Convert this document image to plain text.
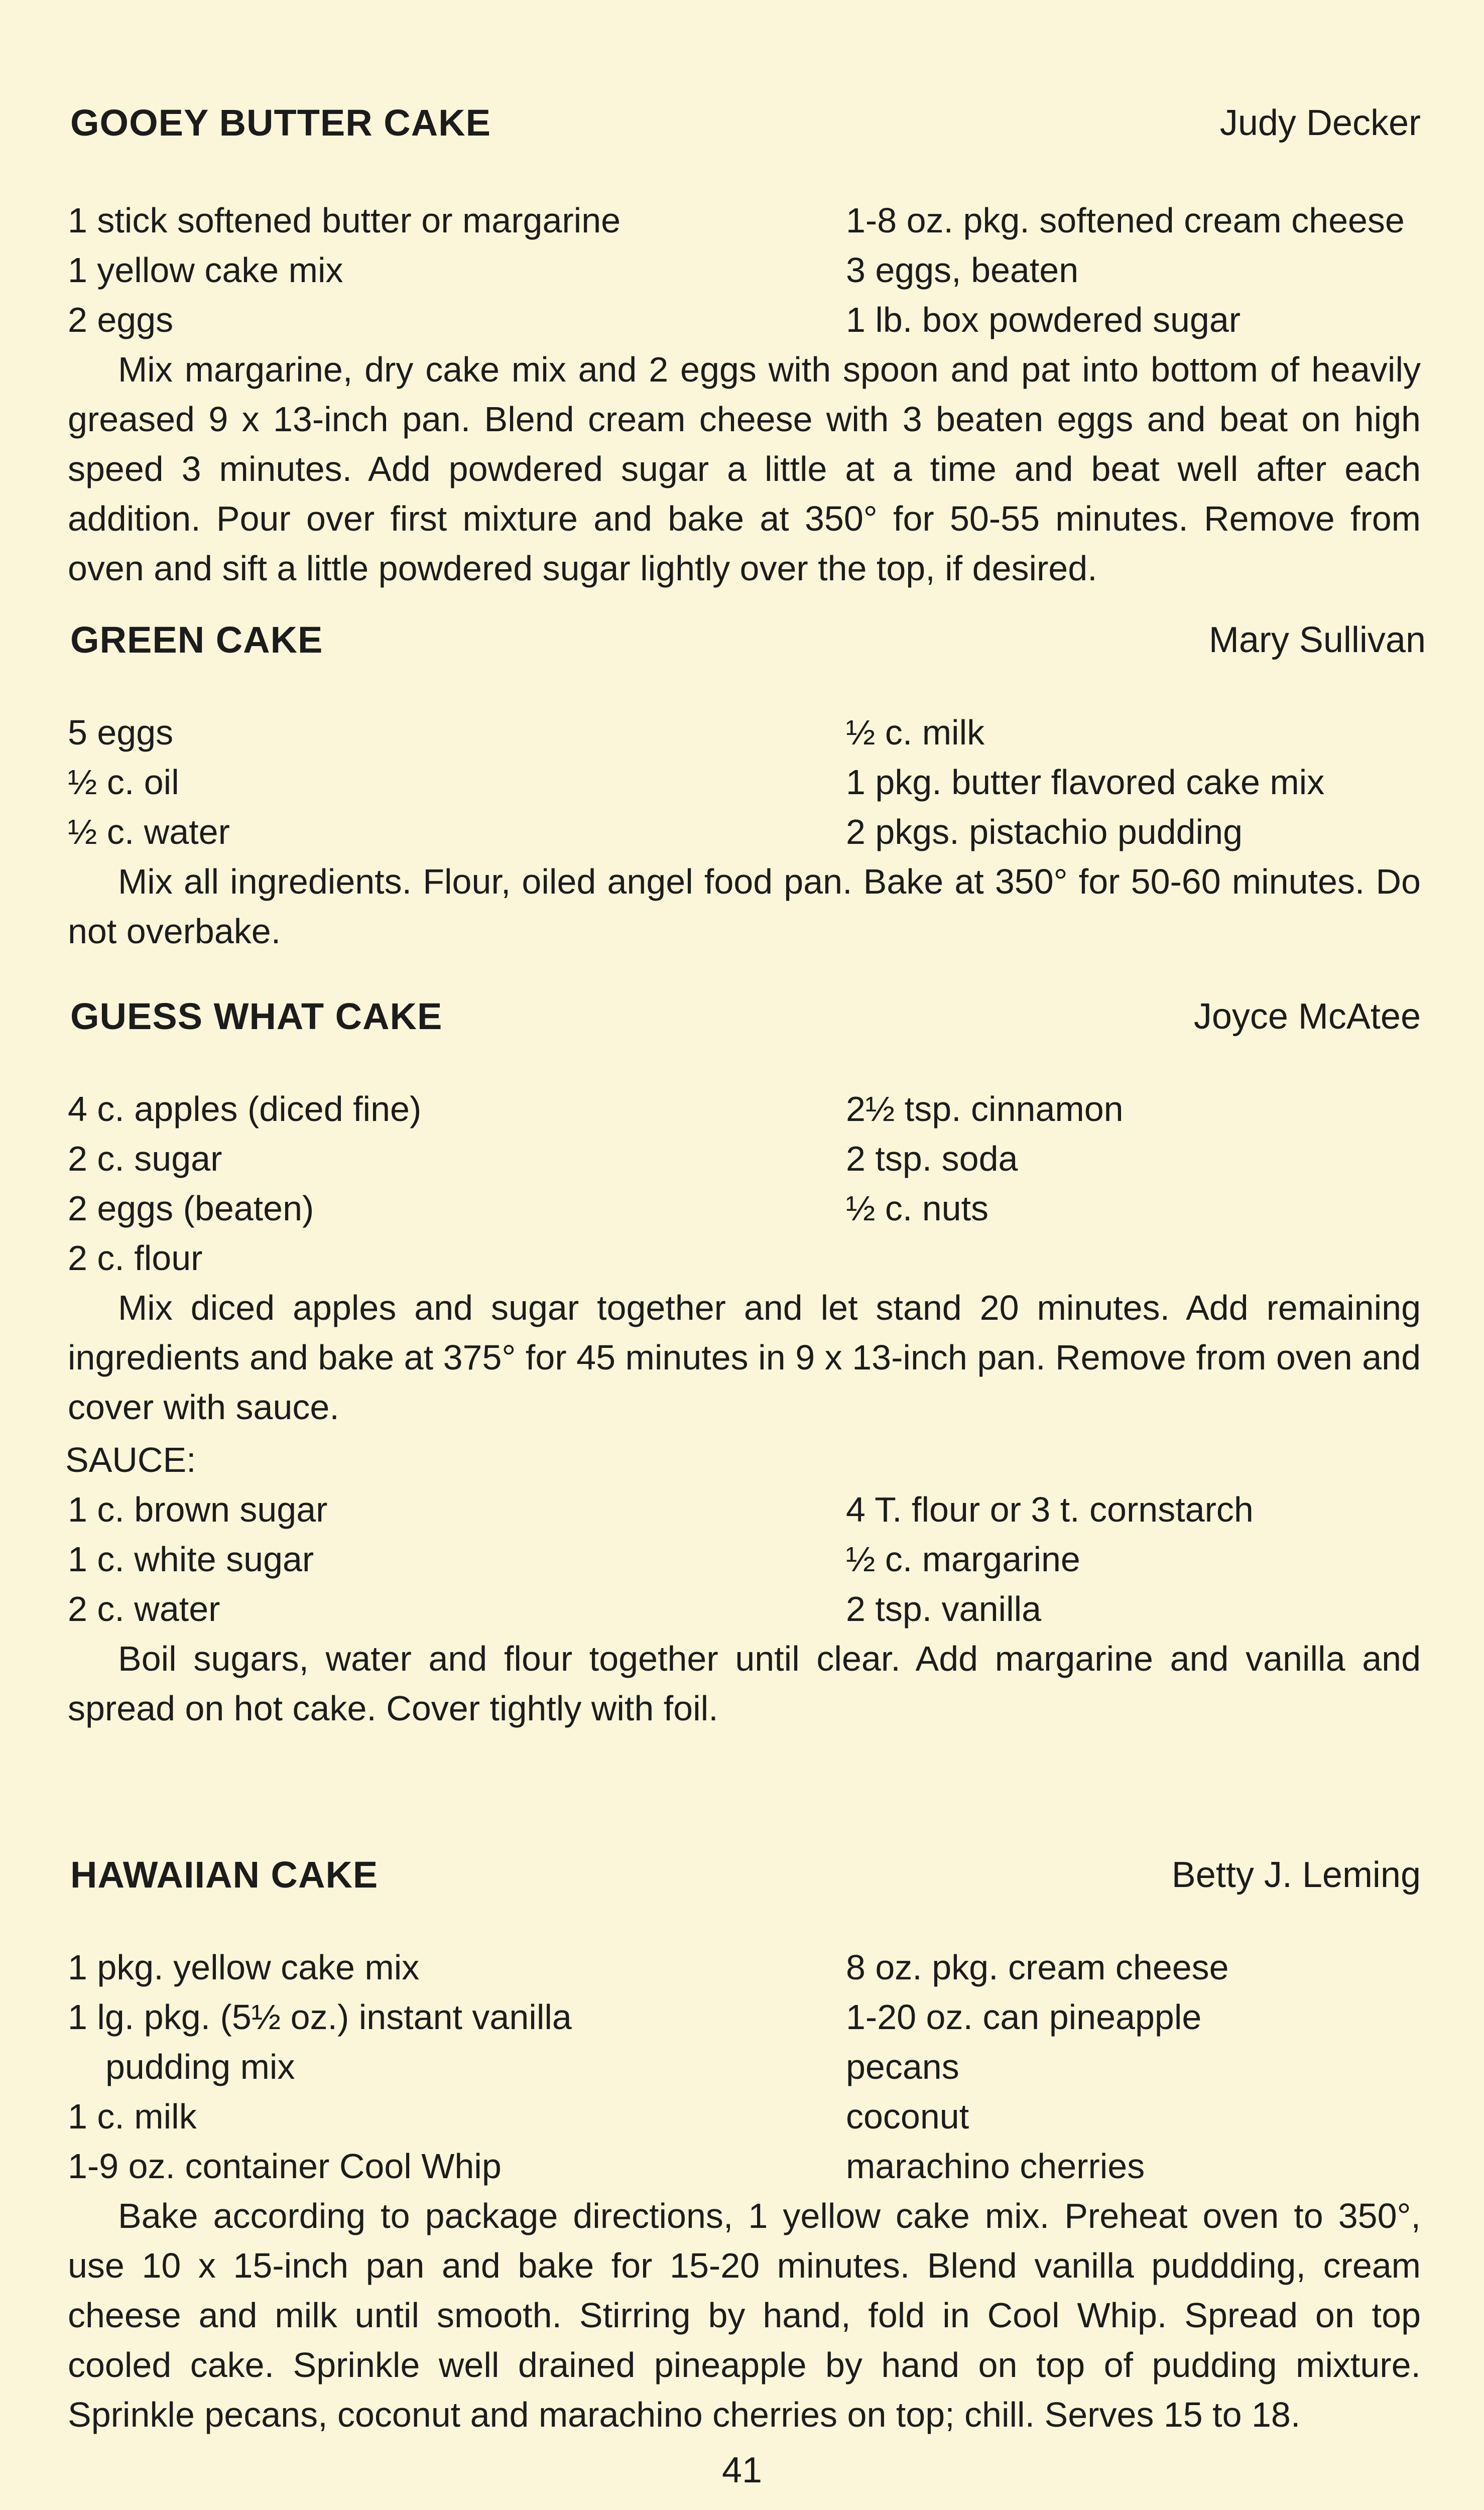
GOOEY BUTTER CAKE	Judy Decker
1 stick softened butter or margarine	1-8 oz. pkg. softened cream cheese
1 yellow cake mix	3 eggs, beaten
2 eggs	1 lb. box powdered sugar

Mix margarine, dry cake mix and 2 eggs with spoon and pat into bottom of heavily greased 9 x 13-inch pan. Blend cream cheese with 3 beaten eggs and beat on high speed 3 minutes. Add powdered sugar a little at a time and beat well after each addition. Pour over first mixture and bake at 350° for 50-55 minutes. Remove from oven and sift a little powdered sugar lightly over the top, if desired.

GREEN CAKE	Mary Sullivan
5 eggs	½ c. milk
½ c. oil	1 pkg. butter flavored cake mix
½ c. water	2 pkgs. pistachio pudding

Mix all ingredients. Flour, oiled angel food pan. Bake at 350° for 50-60 minutes. Do not overbake.

GUESS WHAT CAKE	Joyce McAtee
4 c. apples (diced fine)	2½ tsp. cinnamon
2 c. sugar	2 tsp. soda
2 eggs (beaten)	½ c. nuts
2 c. flour

Mix diced apples and sugar together and let stand 20 minutes. Add remaining ingredients and bake at 375° for 45 minutes in 9 x 13-inch pan. Remove from oven and cover with sauce.

SAUCE:
1 c. brown sugar	4 T. flour or 3 t. cornstarch
1 c. white sugar	½ c. margarine
2 c. water	2 tsp. vanilla

Boil sugars, water and flour together until clear. Add margarine and vanilla and spread on hot cake. Cover tightly with foil.

HAWAIIAN CAKE	Betty J. Leming
1 pkg. yellow cake mix	8 oz. pkg. cream cheese
1 lg. pkg. (5½ oz.) instant vanilla	1-20 oz. can pineapple
pudding mix	pecans
1 c. milk	coconut
1-9 oz. container Cool Whip	marachino cherries

Bake according to package directions, 1 yellow cake mix. Preheat oven to 350°, use 10 x 15-inch pan and bake for 15-20 minutes. Blend vanilla puddding, cream cheese and milk until smooth. Stirring by hand, fold in Cool Whip. Spread on top cooled cake. Sprinkle well drained pineapple by hand on top of pudding mixture. Sprinkle pecans, coconut and marachino cherries on top; chill. Serves 15 to 18.

41
